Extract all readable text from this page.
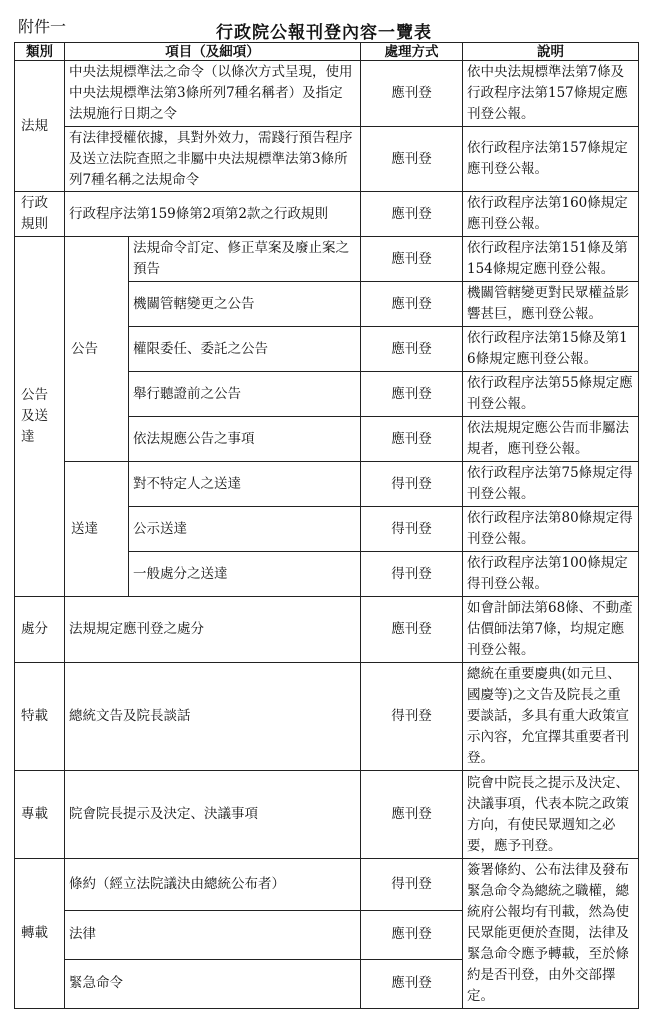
附件一	行政院公報刊登內容一覽表
類別	項目（及細項）		處理方式	說明
法規	中央法規標準法之命令（以條次方式呈現，使用中央法規標準法第3條所列7種名稱者）及指定法規施行日期之令		應刊登	依中央法規標準法第7條及行政程序法第157條規定應刊登公報。
	有法律授權依據，具對外效力，需踐行預告程序及送立法院查照之非屬中央法規標準法第3條所列7種名稱之法規命令		應刊登	依行政程序法第157條規定應刊登公報。
行政規則	行政程序法第159條第2項第2款之行政規則		應刊登	依行政程序法第160條規定應刊登公報。
公告及送達	公告	法規命令訂定、修正草案及廢止案之預告	應刊登	依行政程序法第151條及第154條規定應刊登公報。
		機關管轄變更之公告	應刊登	機關管轄變更對民眾權益影響甚巨，應刊登公報。
		權限委任、委託之公告	應刊登	依行政程序法第15條及第16條規定應刊登公報。
		舉行聽證前之公告	應刊登	依行政程序法第55條規定應刊登公報。
		依法規應公告之事項	應刊登	依法規規定應公告而非屬法規者，應刊登公報。
	送達	對不特定人之送達	得刊登	依行政程序法第75條規定得刊登公報。
		公示送達	得刊登	依行政程序法第80條規定得刊登公報。
		一般處分之送達	得刊登	依行政程序法第100條規定得刊登公報。
處分	法規規定應刊登之處分		應刊登	如會計師法第68條、不動產估價師法第7條，均規定應刊登公報。
特載	總統文告及院長談話		得刊登	總統在重要慶典(如元旦、國慶等)之文告及院長之重要談話，多具有重大政策宣示內容，允宜擇其重要者刊登。
專載	院會院長提示及決定、決議事項		應刊登	院會中院長之提示及決定、決議事項，代表本院之政策方向，有使民眾週知之必要，應予刊登。
轉載	條約（經立法院議決由總統公布者）		得刊登	簽署條約、公布法律及發布緊急命令為總統之職權，總統府公報均有刊載，然為使民眾能更便於查閱，法律及緊急命令應予轉載，至於條約是否刊登，由外交部擇定。
	法律		應刊登	
	緊急命令		應刊登	
